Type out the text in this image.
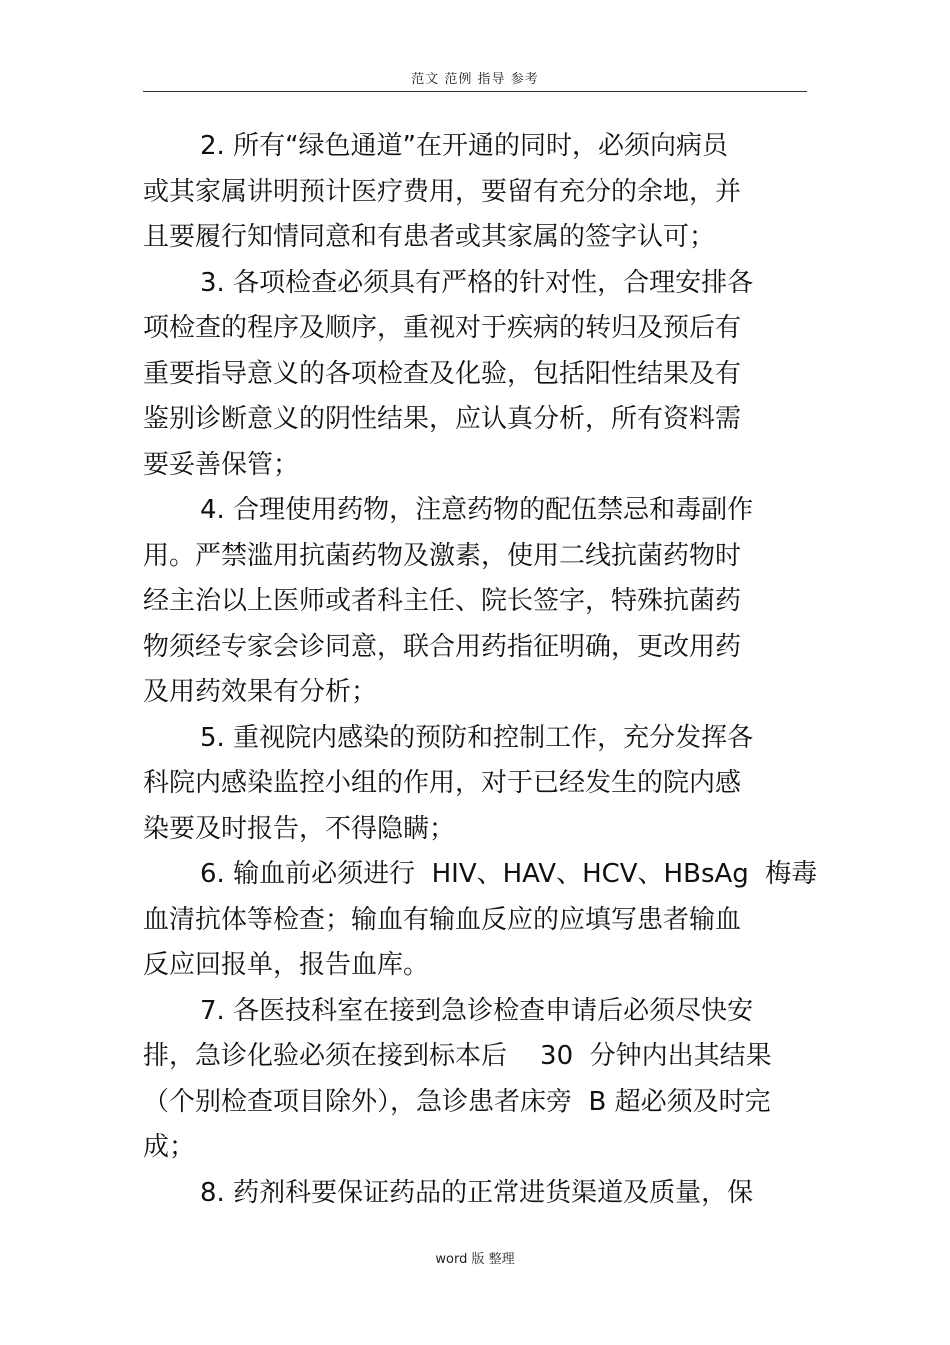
范文 范例 指导 参考
2. 所有“绿色通道”在开通的同时，必须向病员
或其家属讲明预计医疗费用，要留有充分的余地，并
且要履行知情同意和有患者或其家属的签字认可；
3. 各项检查必须具有严格的针对性，合理安排各
项检查的程序及顺序，重视对于疾病的转归及预后有
重要指导意义的各项检查及化验，包括阳性结果及有
鉴别诊断意义的阴性结果，应认真分析，所有资料需
要妥善保管；
4. 合理使用药物，注意药物的配伍禁忌和毒副作
用。严禁滥用抗菌药物及激素，使用二线抗菌药物时
经主治以上医师或者科主任、院长签字，特殊抗菌药
物须经专家会诊同意，联合用药指征明确，更改用药
及用药效果有分析；
5. 重视院内感染的预防和控制工作，充分发挥各
科院内感染监控小组的作用，对于已经发生的院内感
染要及时报告，不得隐瞒；
6. 输血前必须进行  HIV、HAV、HCV、HBsAg  梅毒
血清抗体等检查；输血有输血反应的应填写患者输血
反应回报单，报告血库。
7. 各医技科室在接到急诊检查申请后必须尽快安
排，急诊化验必须在接到标本后    30  分钟内出其结果
（个别检查项目除外），急诊患者床旁  B 超必须及时完
成；
8. 药剂科要保证药品的正常进货渠道及质量，保
word 版 整理
